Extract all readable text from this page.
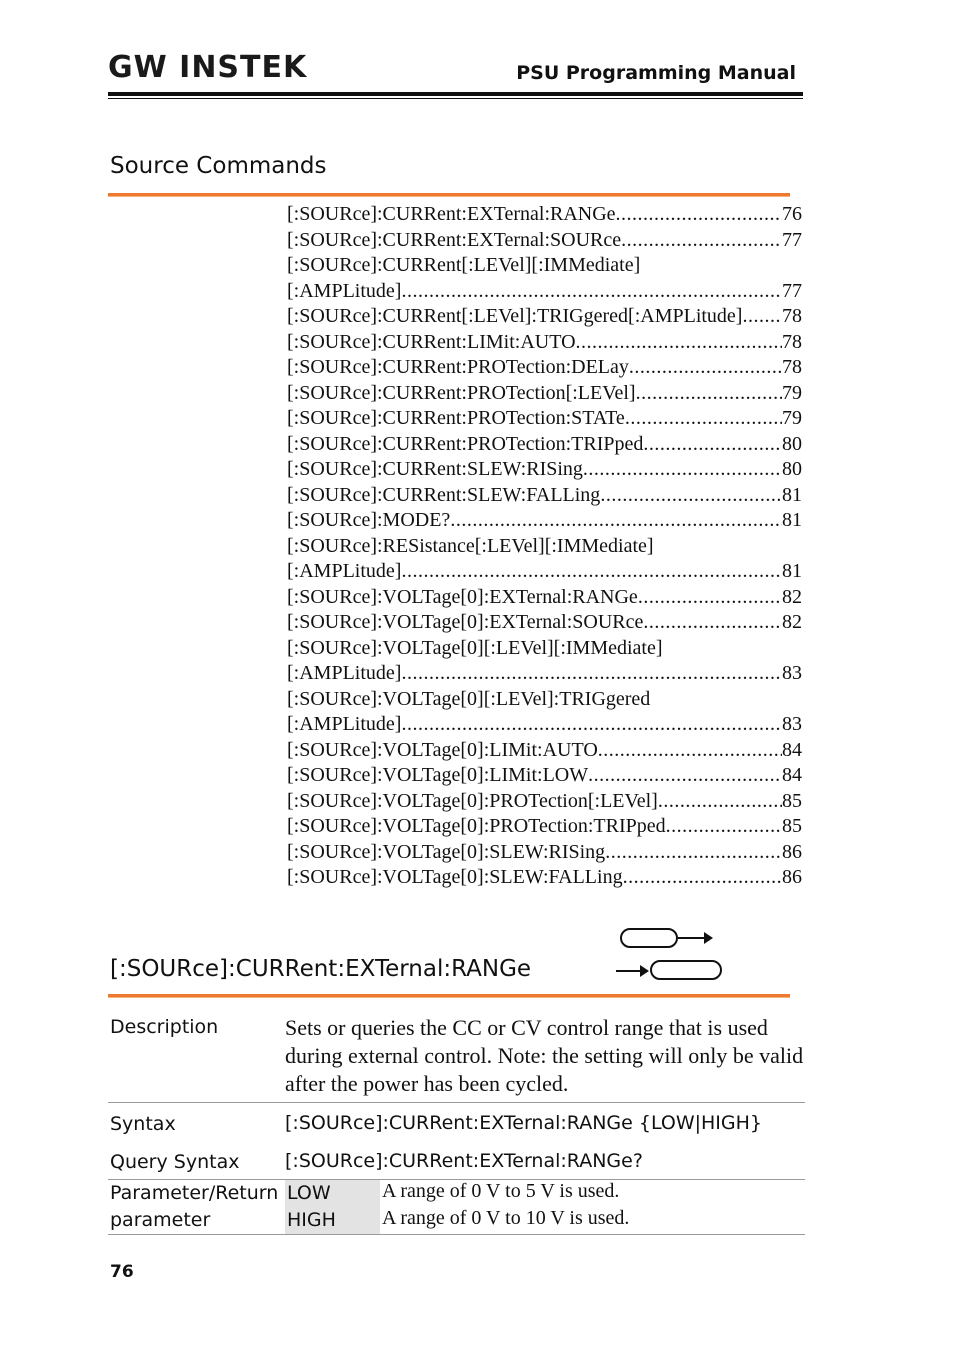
GW INSTEK	PSU Programming Manual
Source Commands
[:SOURce]:CURRent:EXTernal:RANGe .....	76
[:SOURce]:CURRent:EXTernal:SOURce .....	77
[:SOURce]:CURRent[:LEVel][:IMMediate]
[:AMPLitude] .....	77
[:SOURce]:CURRent[:LEVel]:TRIGgered[:AMPLitude] ..... 78
[:SOURce]:CURRent:LIMit:AUTO .....	78
[:SOURce]:CURRent:PROTection:DELay .....	78
[:SOURce]:CURRent:PROTection[:LEVel] .....	79
[:SOURce]:CURRent:PROTection:STATe .....	79
[:SOURce]:CURRent:PROTection:TRIPped .....	80
[:SOURce]:CURRent:SLEW:RISing .....	80
[:SOURce]:CURRent:SLEW:FALLing .....	81
[:SOURce]:MODE? .....	81
[:SOURce]:RESistance[:LEVel][:IMMediate]
[:AMPLitude] .....	81
[:SOURce]:VOLTage[0]:EXTernal:RANGe .....	82
[:SOURce]:VOLTage[0]:EXTernal:SOURce .....	82
[:SOURce]:VOLTage[0][:LEVel][:IMMediate]
[:AMPLitude] .....	83
[:SOURce]:VOLTage[0][:LEVel]:TRIGgered
[:AMPLitude] .....	83
[:SOURce]:VOLTage[0]:LIMit:AUTO .....	84
[:SOURce]:VOLTage[0]:LIMit:LOW .....	84
[:SOURce]:VOLTage[0]:PROTection[:LEVel] .....	85
[:SOURce]:VOLTage[0]:PROTection:TRIPped .....	85
[:SOURce]:VOLTage[0]:SLEW:RISing .....	86
[:SOURce]:VOLTage[0]:SLEW:FALLing .....	86
[:SOURce]:CURRent:EXTernal:RANGe
Description	Sets or queries the CC or CV control range that is used during external control. Note: the setting will only be valid after the power has been cycled.
Syntax	[:SOURce]:CURRent:EXTernal:RANGe {LOW|HIGH}
Query Syntax [:SOURce]:CURRent:EXTernal:RANGe?
Parameter/Return
parameter
LOW	A range of 0 V to 5 V is used.
HIGH A range of 0 V to 10 V is used.
76
